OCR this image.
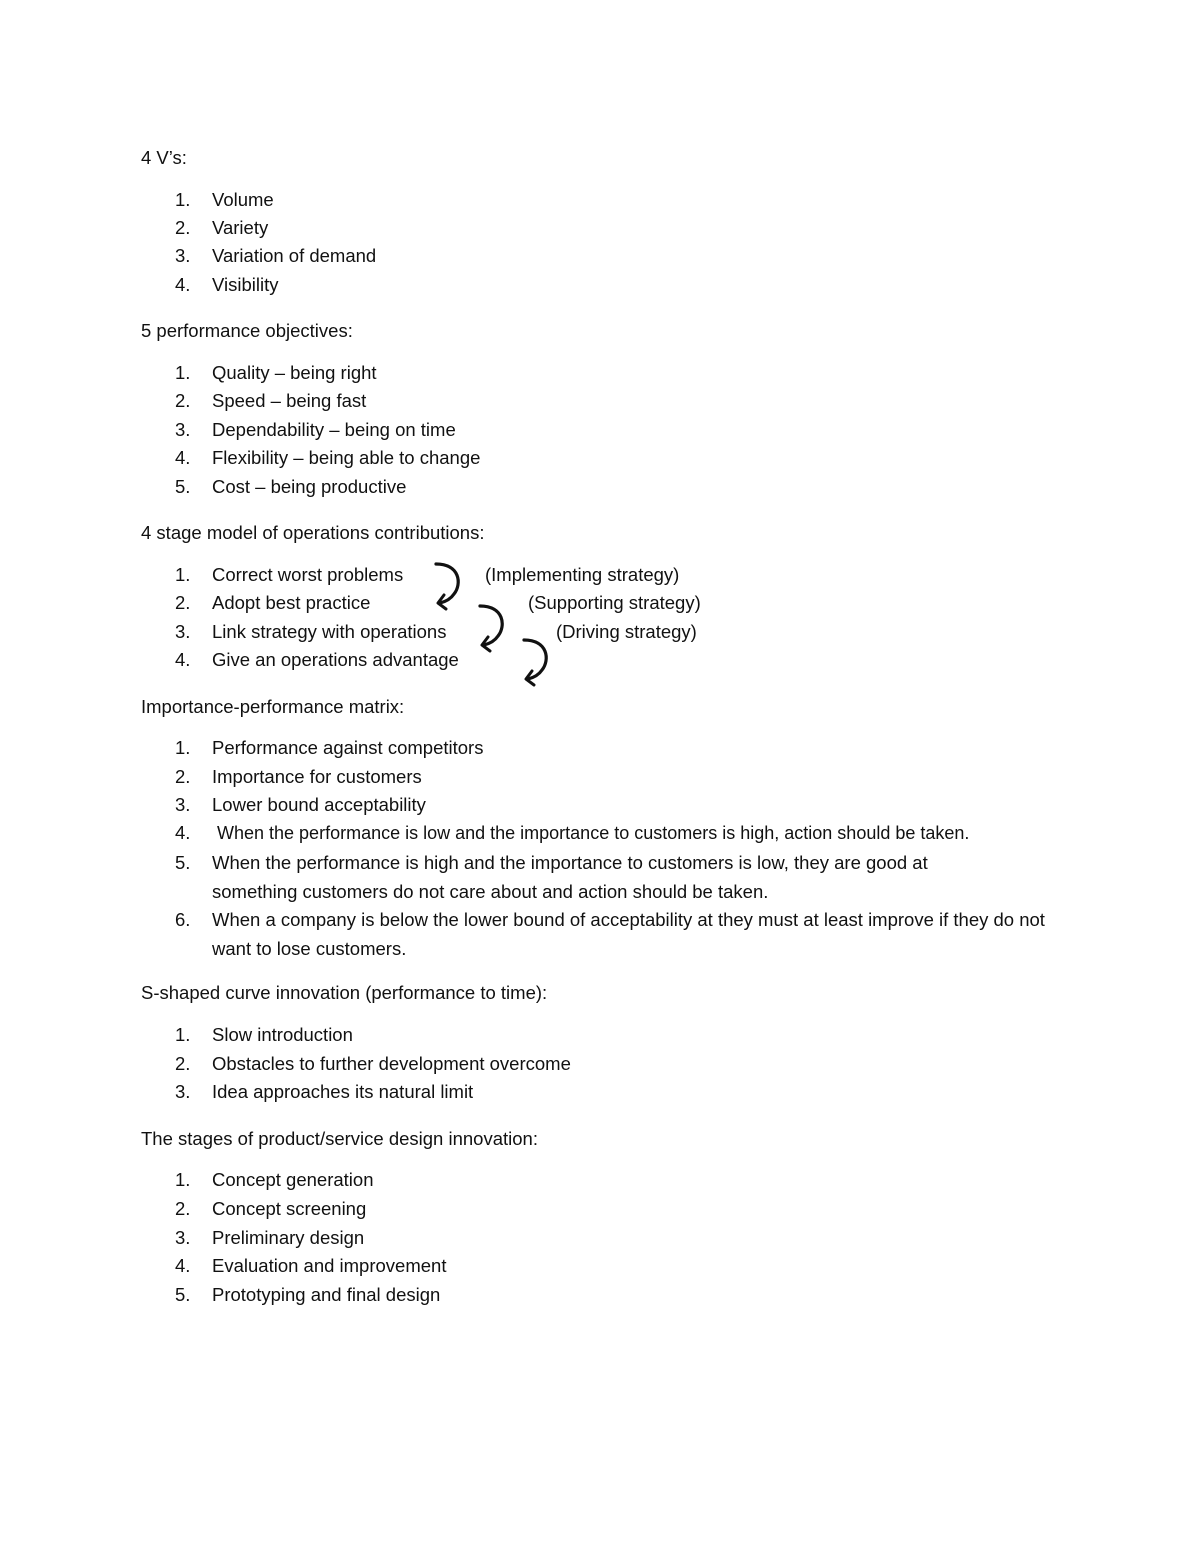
4 V’s:
1.	Volume
2.	Variety
3.	Variation of demand
4.	Visibility
5 performance objectives:
1.	Quality – being right
2.	Speed – being fast
3.	Dependability – being on time
4.	Flexibility – being able to change
5.	Cost – being productive
4 stage model of operations contributions:
1.	Correct worst problems
2.	Adopt best practice
3.	Link strategy with operations
4.	Give an operations advantage
(Implementing strategy)
(Supporting strategy)
(Driving strategy)
Importance-performance matrix:
1.	Performance against competitors
2.	Importance for customers
3.	Lower bound acceptability
4.	When the performance is low and the importance to customers is high, action should be taken.
5.	When the performance is high and the importance to customers is low, they are good at something customers do not care about and action should be taken.
6.	When a company is below the lower bound of acceptability at they must at least improve if they do not want to lose customers.
S-shaped curve innovation (performance to time):
1.	Slow introduction
2.	Obstacles to further development overcome
3.	Idea approaches its natural limit
The stages of product/service design innovation:
1.	Concept generation
2.	Concept screening
3.	Preliminary design
4.	Evaluation and improvement
5.	Prototyping and final design
